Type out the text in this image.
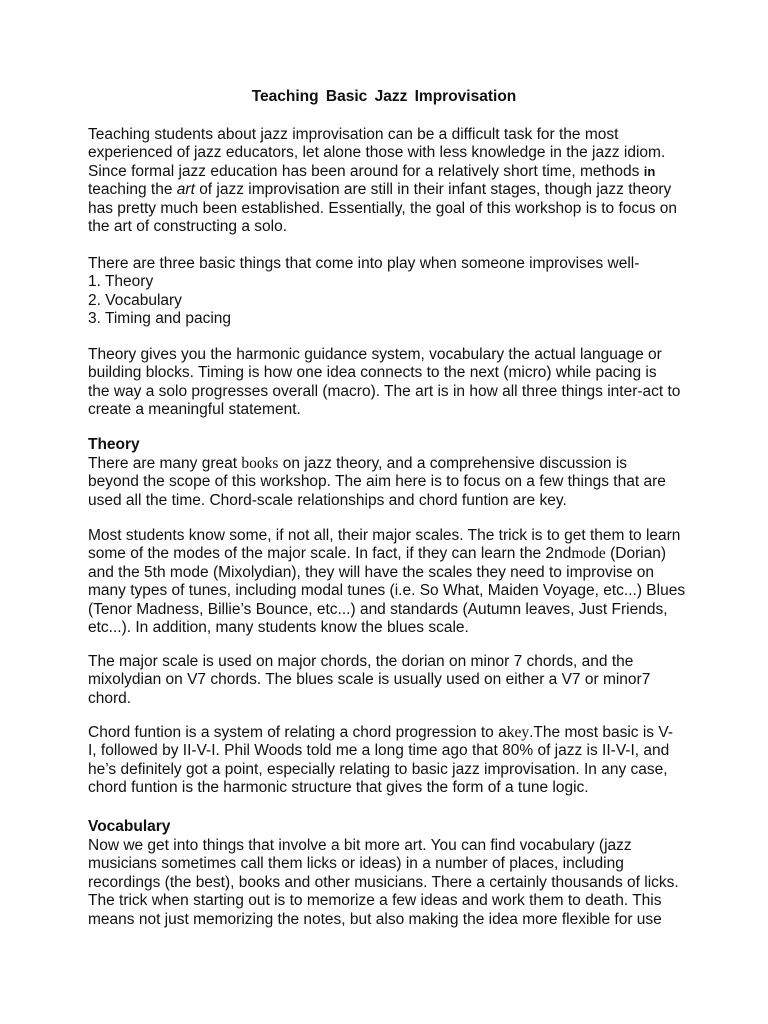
Teaching Basic Jazz Improvisation
Teaching students about jazz improvisation can be a difficult task for the most
experienced of jazz educators, let alone those with less knowledge in the jazz idiom.
Since formal jazz education has been around for a relatively short time, methods in
teaching the art of jazz improvisation are still in their infant stages, though jazz theory
has pretty much been established. Essentially, the goal of this workshop is to focus on
the art of constructing a solo.
There are three basic things that come into play when someone improvises well-
1. Theory
2. Vocabulary
3. Timing and pacing
Theory gives you the harmonic guidance system, vocabulary the actual language or
building blocks. Timing is how one idea connects to the next (micro) while pacing is
the way a solo progresses overall (macro). The art is in how all three things inter-act to
create a meaningful statement.
Theory
There are many great books on jazz theory, and a comprehensive discussion is
beyond the scope of this workshop. The aim here is to focus on a few things that are
used all the time. Chord-scale relationships and chord funtion are key.
Most students know some, if not all, their major scales. The trick is to get them to learn
some of the modes of the major scale. In fact, if they can learn the 2ndmode (Dorian)
and the 5th mode (Mixolydian), they will have the scales they need to improvise on
many types of tunes, including modal tunes (i.e. So What, Maiden Voyage, etc...) Blues
(Tenor Madness, Billie’s Bounce, etc...) and standards (Autumn leaves, Just Friends,
etc...). In addition, many students know the blues scale.
The major scale is used on major chords, the dorian on minor 7 chords, and the
mixolydian on V7 chords. The blues scale is usually used on either a V7 or minor7
chord.
Chord funtion is a system of relating a chord progression to akey.The most basic is V-
I, followed by II-V-I. Phil Woods told me a long time ago that 80% of jazz is II-V-I, and
he’s definitely got a point, especially relating to basic jazz improvisation. In any case,
chord funtion is the harmonic structure that gives the form of a tune logic.
Vocabulary
Now we get into things that involve a bit more art. You can find vocabulary (jazz
musicians sometimes call them licks or ideas) in a number of places, including
recordings (the best), books and other musicians. There a certainly thousands of licks.
The trick when starting out is to memorize a few ideas and work them to death. This
means not just memorizing the notes, but also making the idea more flexible for use
